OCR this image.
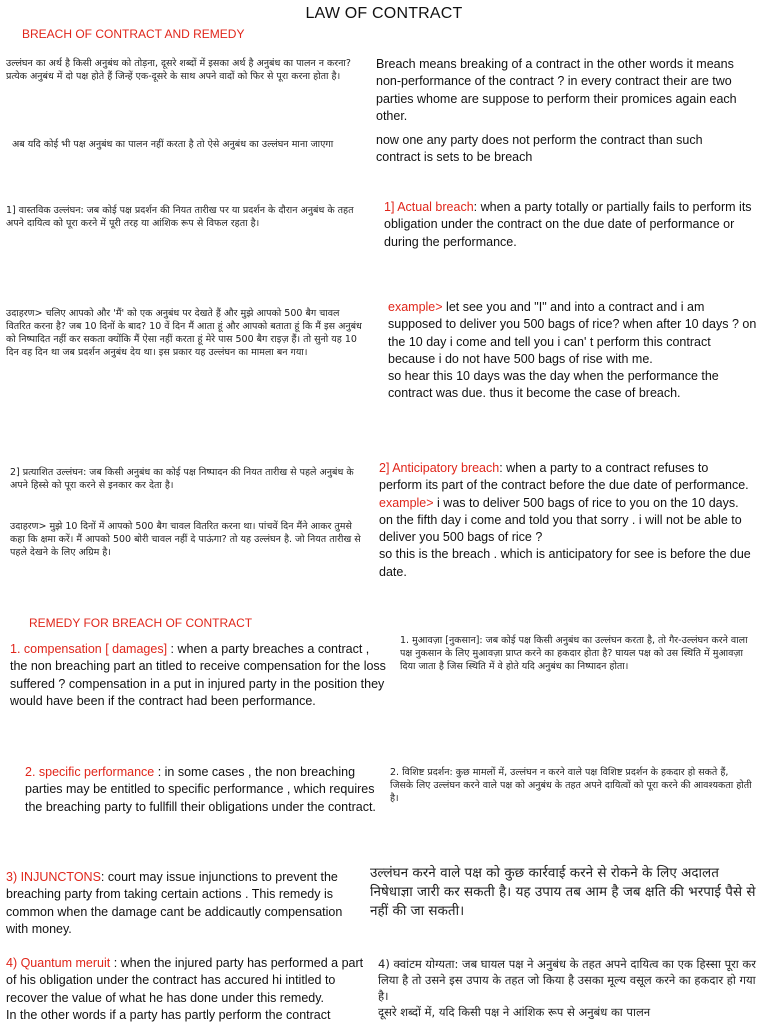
LAW OF CONTRACT
BREACH OF CONTRACT AND REMEDY
उल्लंघन का अर्थ है किसी अनुबंध को तोड़ना, दूसरे शब्दों में इसका अर्थ है अनुबंध का पालन न करना? प्रत्येक अनुबंध में दो पक्ष होते हैं जिन्हें एक-दूसरे के साथ अपने वादों को फिर से पूरा करना होता है।
Breach means breaking of a contract in the other words it means non-performance of the contract ? in every contract their are two parties whome are suppose to perform their promices again each other.
अब यदि कोई भी पक्ष अनुबंध का पालन नहीं करता है तो ऐसे अनुबंध का उल्लंघन माना जाएगा	now one any party does not perform the contract than such contract is sets to be breach
1] वास्तविक उल्लंघन: जब कोई पक्ष प्रदर्शन की नियत तारीख पर या प्रदर्शन के दौरान अनुबंध के तहत अपने दायित्व को पूरा करने में पूरी तरह या आंशिक रूप से विफल रहता है।
1] Actual breach: when a party totally or partially fails to perform its obligation under the contract on the due date of performance or during the performance.
उदाहरण> चलिए आपको और 'मैं' को एक अनुबंध पर देखते हैं और मुझे आपको 500 बैग चावल वितरित करना है? जब 10 दिनों के बाद? 10 वें दिन मैं आता हूं और आपको बताता हूं कि मैं इस अनुबंध को निष्पादित नहीं कर सकता क्योंकि मैं ऐसा नहीं करता हूं मेरे पास 500 बैग राइज़ हैं। तो सुनो यह 10 दिन वह दिन था जब प्रदर्शन अनुबंध देय था। इस प्रकार यह उल्लंघन का मामला बन गया।
example> let see you and "I" and into a contract and i am supposed to deliver you 500 bags of rice? when after 10 days ? on the 10 day i come and tell you i can' t perform this contract because i do not have 500 bags of rise with me.
so hear this 10 days was the day when the performance the contract was due. thus it become the case of breach.
2] प्रत्याशित उल्लंघन: जब किसी अनुबंध का कोई पक्ष निष्पादन की नियत तारीख से पहले अनुबंध के अपने हिस्से को पूरा करने से इनकार कर देता है।
2] Anticipatory breach: when a party to a contract refuses to perform its part of the contract before the due date of performance.
example> i was to deliver 500 bags of rice to you on the 10 days. on the fifth day i come and told you that sorry . i will not be able to deliver you 500 bags of rice ?
so this is the breach . which is anticipatory for see is before the due date.
उदाहरण> मुझे 10 दिनों में आपको 500 बैग चावल वितरित करना था। पांचवें दिन मैंने आकर तुमसे कहा कि क्षमा करें। मैं आपको 500 बोरी चावल नहीं दे पाऊंगा? तो यह उल्लंघन है. जो नियत तारीख से पहले देखने के लिए अग्रिम है।
REMEDY FOR BREACH OF CONTRACT
1. compensation [ damages] : when a party breaches a contract , the non breaching part an titled to receive compensation for the loss suffered ? compensation in a put in injured party in the position they would have been if the contract had been performance.
1. मुआवज़ा [नुकसान]: जब कोई पक्ष किसी अनुबंध का उल्लंघन करता है, तो गैर-उल्लंघन करने वाला पक्ष नुकसान के लिए मुआवज़ा प्राप्त करने का हकदार होता है? घायल पक्ष को उस स्थिति में मुआवज़ा दिया जाता है जिस स्थिति में वे होते यदि अनुबंध का निष्पादन होता।
2. specific performance : in some cases , the non breaching parties may be entitled to specific performance , which requires the breaching party to fullfill their obligations under the contract.
2. विशिष्ट प्रदर्शन: कुछ मामलों में, उल्लंघन न करने वाले पक्ष विशिष्ट प्रदर्शन के हकदार हो सकते हैं, जिसके लिए उल्लंघन करने वाले पक्ष को अनुबंध के तहत अपने दायित्वों को पूरा करने की आवश्यकता होती है।
3) INJUNCTONS: court may issue injunctions to prevent the breaching party from taking certain actions . This remedy is common when the damage cant be addicautly compensation with money.
उल्लंघन करने वाले पक्ष को कुछ कार्रवाई करने से रोकने के लिए अदालत निषेधाज्ञा जारी कर सकती है। यह उपाय तब आम है जब क्षति की भरपाई पैसे से नहीं की जा सकती।
4) Quantum meruit : when the injured party has performed a part of his obligation under the contract has accured hi intitled to recover the value of what he has done under this remedy.
In the other words if a party has partly perform the contract
4) क्वांटम योग्यता: जब घायल पक्ष ने अनुबंध के तहत अपने दायित्व का एक हिस्सा पूरा कर लिया है तो उसने इस उपाय के तहत जो किया है उसका मूल्य वसूल करने का हकदार हो गया है।
दूसरे शब्दों में, यदि किसी पक्ष ने आंशिक रूप से अनुबंध का पालन
